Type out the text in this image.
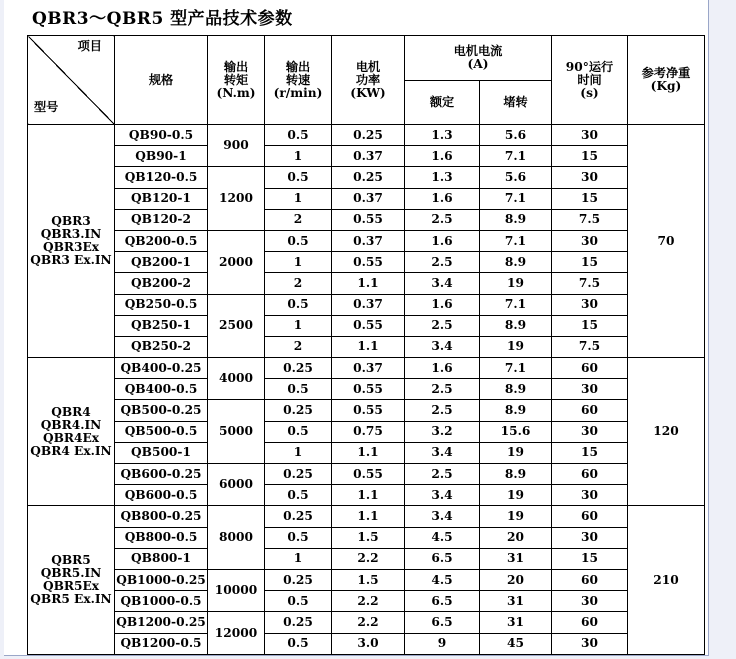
QBR3～QBR5 型产品技术参数
项目
型号	规格	输出
转矩
(N.m)	输出
转速
(r/min)	电机
功率
(KW)	电机电流
(A)		90°运行
时间
(s)	参考净重
(Kg)

					额定	堵转		

QBR3
QBR3.IN
QBR3Ex
QBR3 Ex.IN	QB90-0.5	900	0.5	0.25	1.3	5.6	30	70
	QB90-1		1	0.37	1.6	7.1	15	
	QB120-0.5	1200	0.5	0.25	1.3	5.6	30	
	QB120-1		1	0.37	1.6	7.1	15	
	QB120-2		2	0.55	2.5	8.9	7.5	
	QB200-0.5	2000	0.5	0.37	1.6	7.1	30	
	QB200-1		1	0.55	2.5	8.9	15	
	QB200-2		2	1.1	3.4	19	7.5	
	QB250-0.5	2500	0.5	0.37	1.6	7.1	30	
	QB250-1		1	0.55	2.5	8.9	15	
	QB250-2		2	1.1	3.4	19	7.5	

QBR4
QBR4.IN
QBR4Ex
QBR4 Ex.IN	QB400-0.25	4000	0.25	0.37	1.6	7.1	60	120
	QB400-0.5		0.5	0.55	2.5	8.9	30	
	QB500-0.25	5000	0.25	0.55	2.5	8.9	60	
	QB500-0.5		0.5	0.75	3.2	15.6	30	
	QB500-1		1	1.1	3.4	19	15	
	QB600-0.25	6000	0.25	0.55	2.5	8.9	60	
	QB600-0.5		0.5	1.1	3.4	19	30	

QBR5
QBR5.IN
QBR5Ex
QBR5 Ex.IN	QB800-0.25	8000	0.25	1.1	3.4	19	60	210
	QB800-0.5		0.5	1.5	4.5	20	30	
	QB800-1		1	2.2	6.5	31	15	
	QB1000-0.25	10000	0.25	1.5	4.5	20	60	
	QB1000-0.5		0.5	2.2	6.5	31	30	
	QB1200-0.25	12000	0.25	2.2	6.5	31	60	
	QB1200-0.5		0.5	3.0	9	45	30	
